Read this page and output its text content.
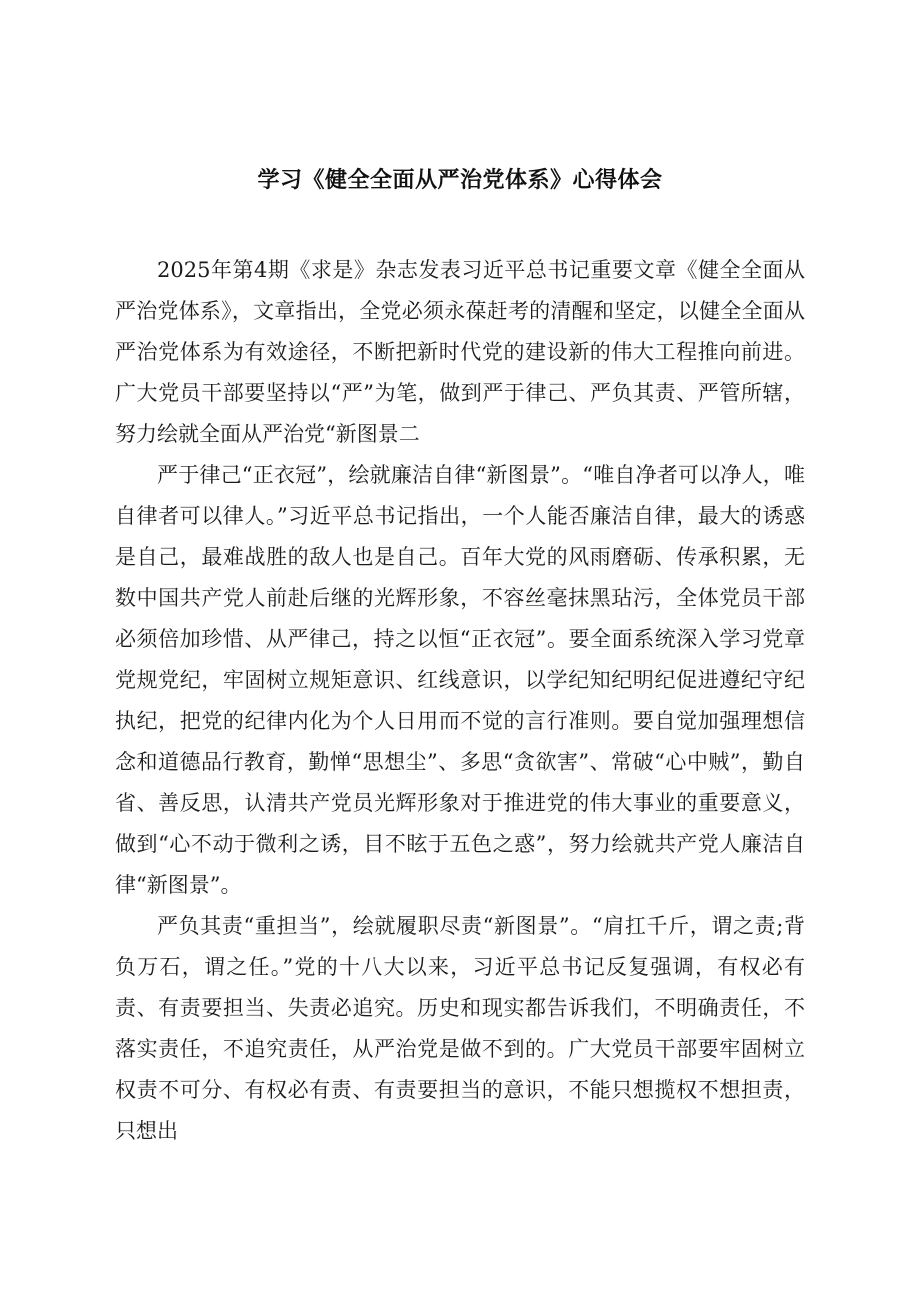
学习《健全全面从严治党体系》心得体会

2025年第4期《求是》杂志发表习近平总书记重要文章《健全全面从严治党体系》，文章指出，全党必须永葆赶考的清醒和坚定，以健全全面从严治党体系为有效途径，不断把新时代党的建设新的伟大工程推向前进。广大党员干部要坚持以“严”为笔，做到严于律己、严负其责、严管所辖，努力绘就全面从严治党“新图景二

严于律己“正衣冠”，绘就廉洁自律“新图景”。“唯自净者可以净人，唯自律者可以律人。”习近平总书记指出，一个人能否廉洁自律，最大的诱惑是自己，最难战胜的敌人也是自己。百年大党的风雨磨砺、传承积累，无数中国共产党人前赴后继的光辉形象，不容丝毫抹黑玷污，全体党员干部必须倍加珍惜、从严律己，持之以恒“正衣冠”。要全面系统深入学习党章党规党纪，牢固树立规矩意识、红线意识，以学纪知纪明纪促进遵纪守纪执纪，把党的纪律内化为个人日用而不觉的言行准则。要自觉加强理想信念和道德品行教育，勤惮“思想尘”、多思“贪欲害”、常破“心中贼”，勤自省、善反思，认清共产党员光辉形象对于推进党的伟大事业的重要意义，做到“心不动于微利之诱，目不眩于五色之惑”，努力绘就共产党人廉洁自律“新图景”。

严负其责“重担当”，绘就履职尽责“新图景”。“肩扛千斤，谓之责;背负万石，谓之任。”党的十八大以来，习近平总书记反复强调，有权必有责、有责要担当、失责必追究。历史和现实都告诉我们，不明确责任，不落实责任，不追究责任，从严治党是做不到的。广大党员干部要牢固树立权责不可分、有权必有责、有责要担当的意识，不能只想揽权不想担责，只想出
